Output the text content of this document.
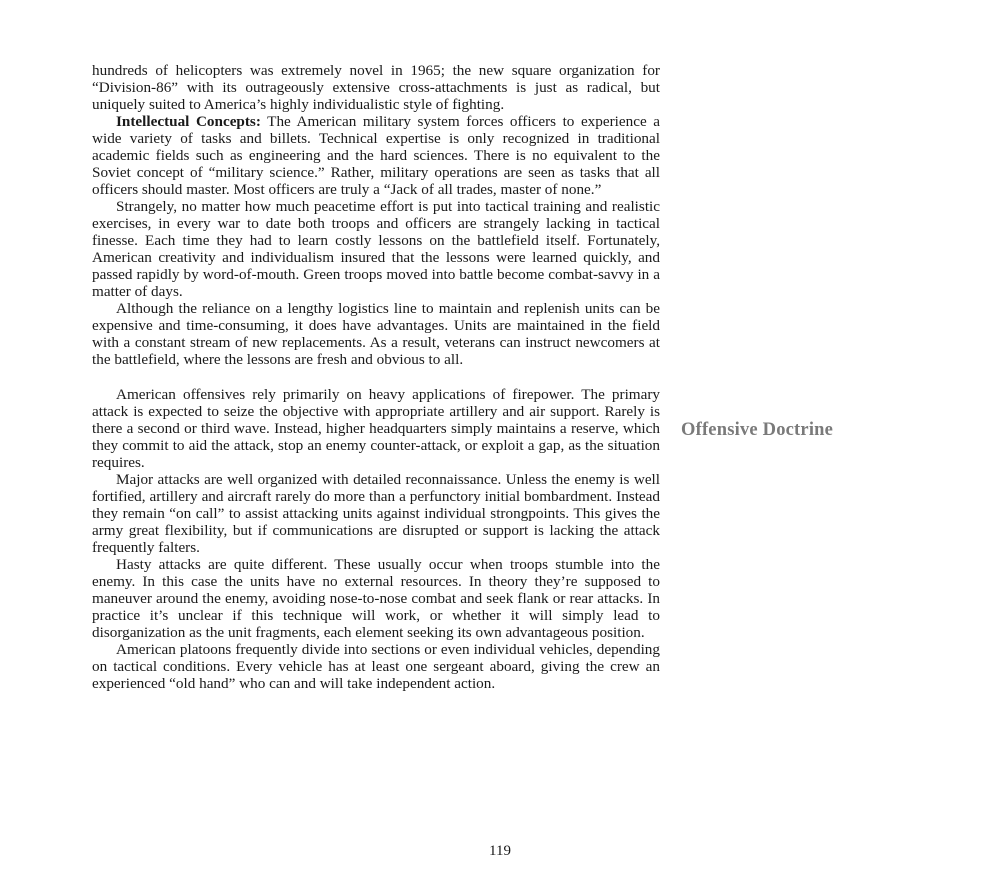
hundreds of helicopters was extremely novel in 1965; the new square organization for “Division-86” with its outrageously extensive cross-attachments is just as radical, but uniquely suited to America’s highly individualistic style of fighting.

Intellectual Concepts: The American military system forces officers to experience a wide variety of tasks and billets. Technical expertise is only recognized in traditional academic fields such as engineering and the hard sciences. There is no equivalent to the Soviet concept of “military science.” Rather, military operations are seen as tasks that all officers should master. Most officers are truly a “Jack of all trades, master of none.”

Strangely, no matter how much peacetime effort is put into tactical training and realistic exercises, in every war to date both troops and officers are strangely lacking in tactical finesse. Each time they had to learn costly lessons on the battlefield itself. Fortunately, American creativity and individualism insured that the lessons were learned quickly, and passed rapidly by word-of-mouth. Green troops moved into battle become combat-savvy in a matter of days.

Although the reliance on a lengthy logistics line to maintain and replenish units can be expensive and time-consuming, it does have advantages. Units are maintained in the field with a constant stream of new replacements. As a result, veterans can instruct newcomers at the battlefield, where the lessons are fresh and obvious to all.

American offensives rely primarily on heavy applications of firepower. The primary attack is expected to seize the objective with appropriate artillery and air support. Rarely is there a second or third wave. Instead, higher headquarters simply maintains a reserve, which they commit to aid the attack, stop an enemy counter-attack, or exploit a gap, as the situation requires.

Major attacks are well organized with detailed reconnaissance. Unless the enemy is well fortified, artillery and aircraft rarely do more than a perfunctory initial bombardment. Instead they remain “on call” to assist attacking units against individual strongpoints. This gives the army great flexibility, but if communications are disrupted or support is lacking the attack frequently falters.

Hasty attacks are quite different. These usually occur when troops stumble into the enemy. In this case the units have no external resources. In theory they’re supposed to maneuver around the enemy, avoiding nose-to-nose combat and seek flank or rear attacks. In practice it’s unclear if this technique will work, or whether it will simply lead to disorganization as the unit fragments, each element seeking its own advantageous position.

American platoons frequently divide into sections or even individual vehicles, depending on tactical conditions. Every vehicle has at least one sergeant aboard, giving the crew an experienced “old hand” who can and will take independent action.

Offensive Doctrine
119
